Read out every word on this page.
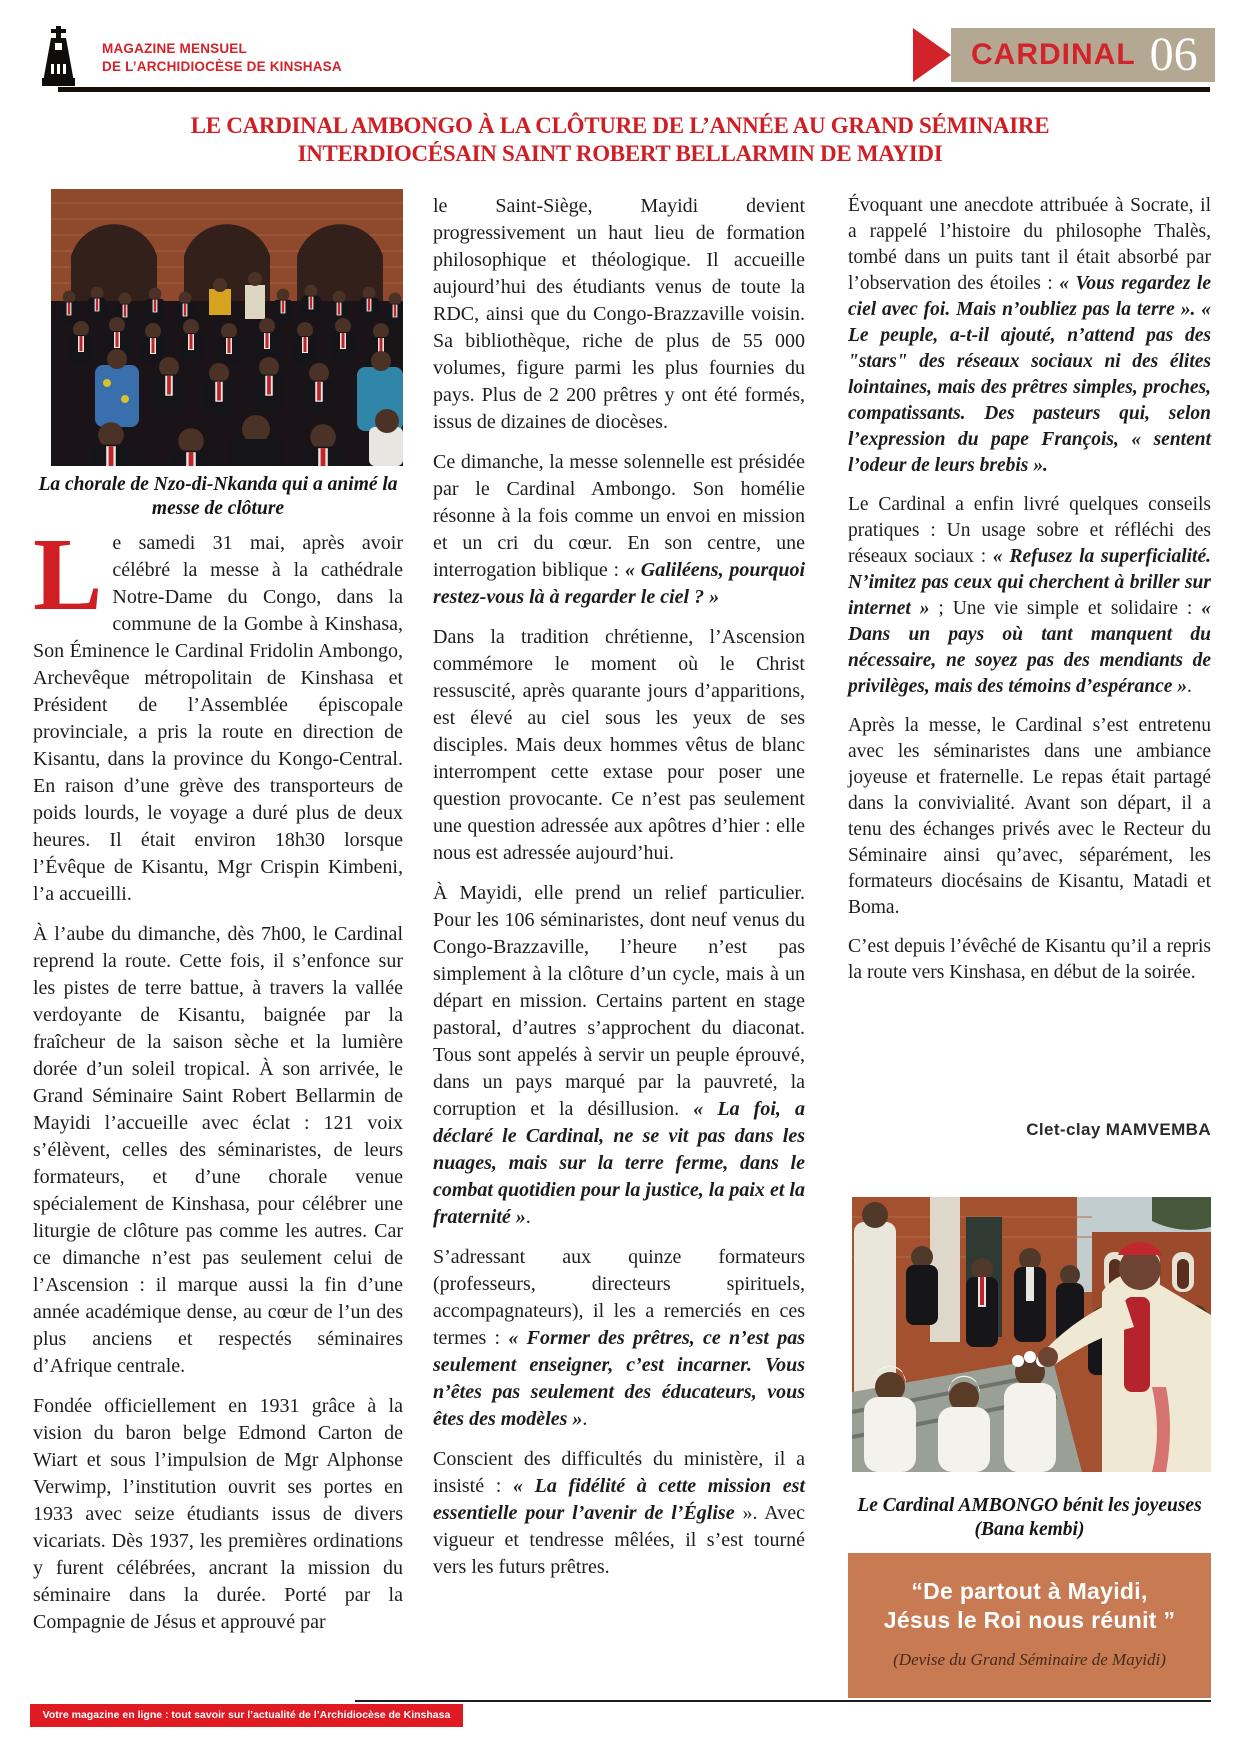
MAGAZINE MENSUEL
DE L’ARCHIDIOCÈSE DE KINSHASA	CARDINAL 06
LE CARDINAL AMBONGO À LA CLÔTURE DE L’ANNÉE AU GRAND SÉMINAIRE
INTERDIOCÉSAIN SAINT ROBERT BELLARMIN DE MAYIDI
La chorale de Nzo-di-Nkanda qui a animé la messe de clôture

Le samedi 31 mai, après avoir célébré la messe à la cathédrale Notre-Dame du Congo, dans la commune de la Gombe à Kinshasa, Son Éminence le Cardinal Fridolin Ambongo, Archevêque métropolitain de Kinshasa et Président de l’Assemblée épiscopale provinciale, a pris la route en direction de Kisantu, dans la province du Kongo-Central. En raison d’une grève des transporteurs de poids lourds, le voyage a duré plus de deux heures. Il était environ 18h30 lorsque l’Évêque de Kisantu, Mgr Crispin Kimbeni, l’a accueilli.

À l’aube du dimanche, dès 7h00, le Cardinal reprend la route. Cette fois, il s’enfonce sur les pistes de terre battue, à travers la vallée verdoyante de Kisantu, baignée par la fraîcheur de la saison sèche et la lumière dorée d’un soleil tropical. À son arrivée, le Grand Séminaire Saint Robert Bellarmin de Mayidi l’accueille avec éclat : 121 voix s’élèvent, celles des séminaristes, de leurs formateurs, et d’une chorale venue spécialement de Kinshasa, pour célébrer une liturgie de clôture pas comme les autres. Car ce dimanche n’est pas seulement celui de l’Ascension : il marque aussi la fin d’une année académique dense, au cœur de l’un des plus anciens et respectés séminaires d’Afrique centrale.

Fondée officiellement en 1931 grâce à la vision du baron belge Edmond Carton de Wiart et sous l’impulsion de Mgr Alphonse Verwimp, l’institution ouvrit ses portes en 1933 avec seize étudiants issus de divers vicariats. Dès 1937, les premières ordinations y furent célébrées, ancrant la mission du séminaire dans la durée. Porté par la Compagnie de Jésus et approuvé par

le Saint-Siège, Mayidi devient progressivement un haut lieu de formation philosophique et théologique. Il accueille aujourd’hui des étudiants venus de toute la RDC, ainsi que du Congo-Brazzaville voisin. Sa bibliothèque, riche de plus de 55 000 volumes, figure parmi les plus fournies du pays. Plus de 2 200 prêtres y ont été formés, issus de dizaines de diocèses.

Ce dimanche, la messe solennelle est présidée par le Cardinal Ambongo. Son homélie résonne à la fois comme un envoi en mission et un cri du cœur. En son centre, une interrogation biblique : « Galiléens, pourquoi restez-vous là à regarder le ciel ? »

Dans la tradition chrétienne, l’Ascension commémore le moment où le Christ ressuscité, après quarante jours d’apparitions, est élevé au ciel sous les yeux de ses disciples. Mais deux hommes vêtus de blanc interrompent cette extase pour poser une question provocante. Ce n’est pas seulement une question adressée aux apôtres d’hier : elle nous est adressée aujourd’hui.

À Mayidi, elle prend un relief particulier. Pour les 106 séminaristes, dont neuf venus du Congo-Brazzaville, l’heure n’est pas simplement à la clôture d’un cycle, mais à un départ en mission. Certains partent en stage pastoral, d’autres s’approchent du diaconat. Tous sont appelés à servir un peuple éprouvé, dans un pays marqué par la pauvreté, la corruption et la désillusion. « La foi, a déclaré le Cardinal, ne se vit pas dans les nuages, mais sur la terre ferme, dans le combat quotidien pour la justice, la paix et la fraternité ».

S’adressant aux quinze formateurs (professeurs, directeurs spirituels, accompagnateurs), il les a remerciés en ces termes : « Former des prêtres, ce n’est pas seulement enseigner, c’est incarner. Vous n’êtes pas seulement des éducateurs, vous êtes des modèles ».

Conscient des difficultés du ministère, il a insisté : « La fidélité à cette mission est essentielle pour l’avenir de l’Église ». Avec vigueur et tendresse mêlées, il s’est tourné vers les futurs prêtres.

Évoquant une anecdote attribuée à Socrate, il a rappelé l’histoire du philosophe Thalès, tombé dans un puits tant il était absorbé par l’observation des étoiles : « Vous regardez le ciel avec foi. Mais n’oubliez pas la terre ». « Le peuple, a-t-il ajouté, n’attend pas des "stars" des réseaux sociaux ni des élites lointaines, mais des prêtres simples, proches, compatissants. Des pasteurs qui, selon l’expression du pape François, « sentent l’odeur de leurs brebis ».

Le Cardinal a enfin livré quelques conseils pratiques : Un usage sobre et réfléchi des réseaux sociaux : « Refusez la superficialité. N’imitez pas ceux qui cherchent à briller sur internet » ; Une vie simple et solidaire : « Dans un pays où tant manquent du nécessaire, ne soyez pas des mendiants de privilèges, mais des témoins d’espérance ».

Après la messe, le Cardinal s’est entretenu avec les séminaristes dans une ambiance joyeuse et fraternelle. Le repas était partagé dans la convivialité. Avant son départ, il a tenu des échanges privés avec le Recteur du Séminaire ainsi qu’avec, séparément, les formateurs diocésains de Kisantu, Matadi et Boma.

C’est depuis l’évêché de Kisantu qu’il a repris la route vers Kinshasa, en début de la soirée.

Clet-clay MAMVEMBA
Le Cardinal AMBONGO bénit les joyeuses (Bana kembi)
“De partout à Mayidi,
Jésus le Roi nous réunit ”
(Devise du Grand Séminaire de Mayidi)
Votre magazine en ligne : tout savoir sur l’actualité de l’Archidiocèse de Kinshasa
